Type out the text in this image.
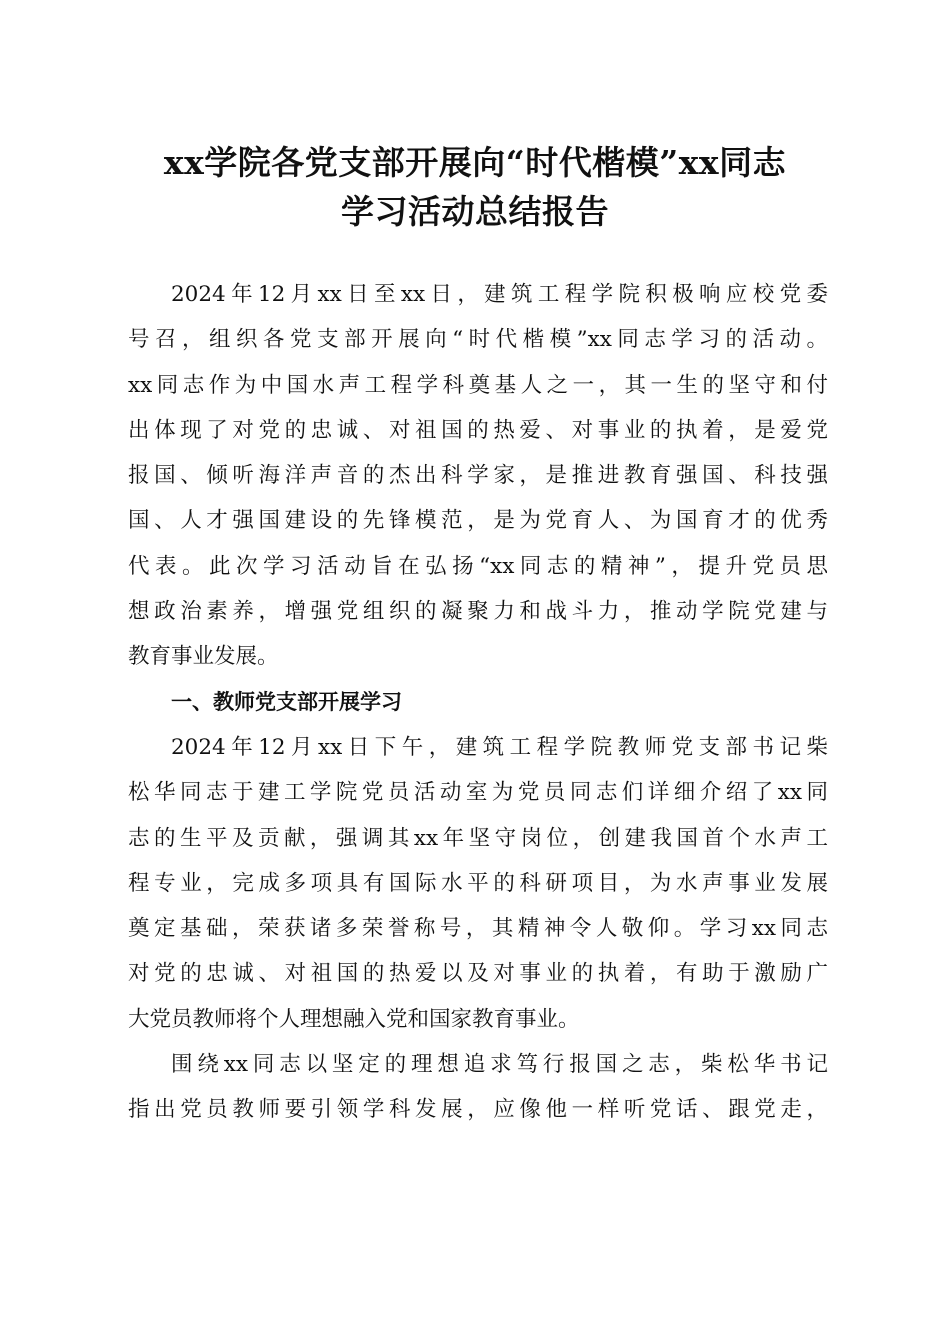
xx学院各党支部开展向“时代楷模”xx同志
学习活动总结报告
2024年12月xx日至xx日，建筑工程学院积极响应校党委
号召，组织各党支部开展向“时代楷模”xx同志学习的活动。
xx同志作为中国水声工程学科奠基人之一，其一生的坚守和付
出体现了对党的忠诚、对祖国的热爱、对事业的执着，是爱党
报国、倾听海洋声音的杰出科学家，是推进教育强国、科技强
国、人才强国建设的先锋模范，是为党育人、为国育才的优秀
代表。此次学习活动旨在弘扬“xx同志的精神”，提升党员思
想政治素养，增强党组织的凝聚力和战斗力，推动学院党建与
教育事业发展。
一、教师党支部开展学习
2024年12月xx日下午，建筑工程学院教师党支部书记柴
松华同志于建工学院党员活动室为党员同志们详细介绍了xx同
志的生平及贡献，强调其xx年坚守岗位，创建我国首个水声工
程专业，完成多项具有国际水平的科研项目，为水声事业发展
奠定基础，荣获诸多荣誉称号，其精神令人敬仰。学习xx同志
对党的忠诚、对祖国的热爱以及对事业的执着，有助于激励广
大党员教师将个人理想融入党和国家教育事业。
围绕xx同志以坚定的理想追求笃行报国之志，柴松华书记
指出党员教师要引领学科发展，应像他一样听党话、跟党走，
